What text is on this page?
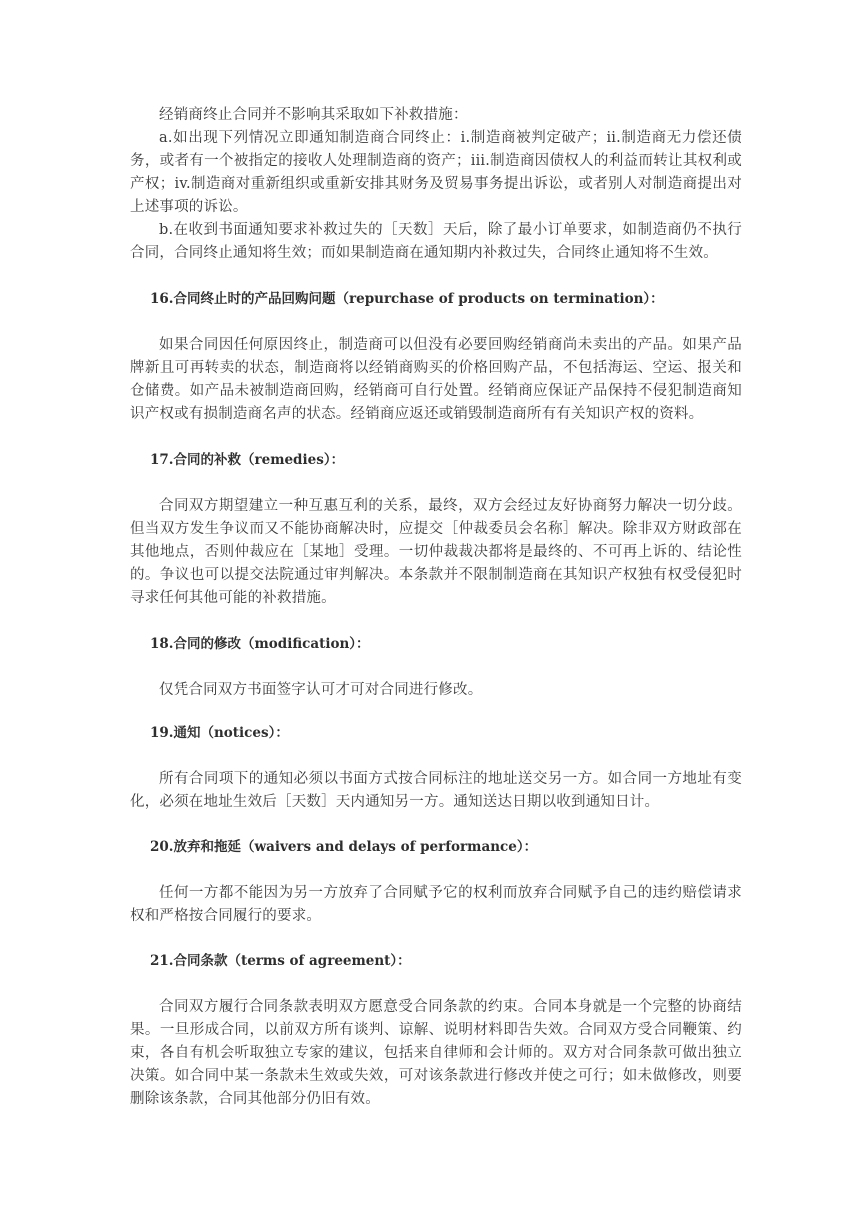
经销商终止合同并不影响其采取如下补救措施：

a.如出现下列情况立即通知制造商合同终止：i.制造商被判定破产；ii.制造商无力偿还债务，或者有一个被指定的接收人处理制造商的资产；iii.制造商因债权人的利益而转让其权利或产权；iv.制造商对重新组织或重新安排其财务及贸易事务提出诉讼，或者别人对制造商提出对上述事项的诉讼。

b.在收到书面通知要求补救过失的［天数］天后，除了最小订单要求，如制造商仍不执行合同，合同终止通知将生效；而如果制造商在通知期内补救过失，合同终止通知将不生效。

16.合同终止时的产品回购问题（repurchase of products on termination）：

如果合同因任何原因终止，制造商可以但没有必要回购经销商尚未卖出的产品。如果产品牌新且可再转卖的状态，制造商将以经销商购买的价格回购产品，不包括海运、空运、报关和仓储费。如产品未被制造商回购，经销商可自行处置。经销商应保证产品保持不侵犯制造商知识产权或有损制造商名声的状态。经销商应返还或销毁制造商所有有关知识产权的资料。

17.合同的补救（remedies）：

合同双方期望建立一种互惠互利的关系，最终，双方会经过友好协商努力解决一切分歧。但当双方发生争议而又不能协商解决时，应提交［仲裁委员会名称］解决。除非双方财政部在其他地点，否则仲裁应在［某地］受理。一切仲裁裁决都将是最终的、不可再上诉的、结论性的。争议也可以提交法院通过审判解决。本条款并不限制制造商在其知识产权独有权受侵犯时寻求任何其他可能的补救措施。

18.合同的修改（modification）：

仅凭合同双方书面签字认可才可对合同进行修改。

19.通知（notices）：

所有合同项下的通知必须以书面方式按合同标注的地址送交另一方。如合同一方地址有变化，必须在地址生效后［天数］天内通知另一方。通知送达日期以收到通知日计。

20.放弃和拖延（waivers and delays of performance）：

任何一方都不能因为另一方放弃了合同赋予它的权利而放弃合同赋予自己的违约赔偿请求权和严格按合同履行的要求。

21.合同条款（terms of agreement）：

合同双方履行合同条款表明双方愿意受合同条款的约束。合同本身就是一个完整的协商结果。一旦形成合同，以前双方所有谈判、谅解、说明材料即告失效。合同双方受合同鞭策、约束，各自有机会听取独立专家的建议，包括来自律师和会计师的。双方对合同条款可做出独立决策。如合同中某一条款未生效或失效，可对该条款进行修改并使之可行；如未做修改，则要删除该条款，合同其他部分仍旧有效。
